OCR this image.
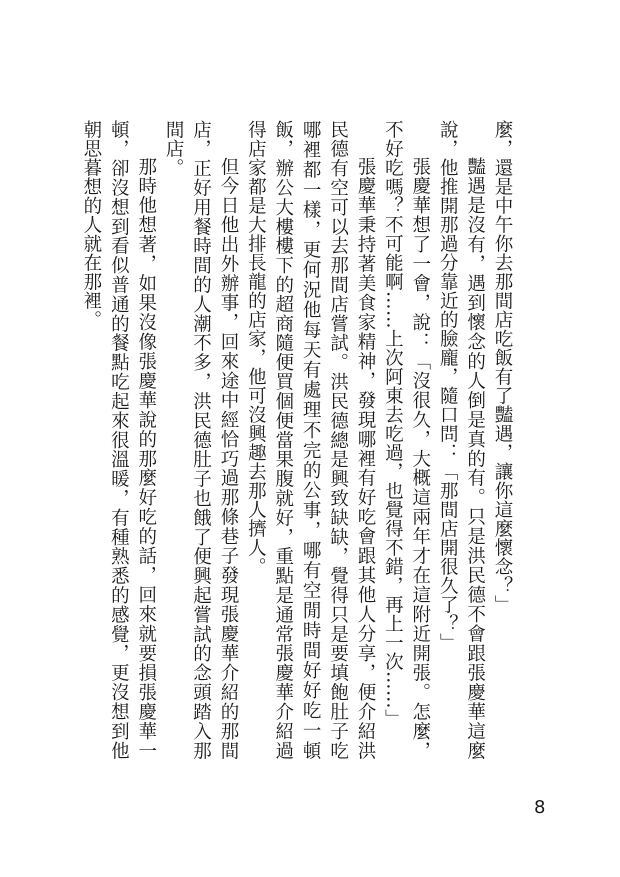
麼，還是中午你去那間店吃飯有了豔遇，讓你這麼懷念？」

豔遇是沒有，遇到懷念的人倒是真的有。只是洪民德不會跟張慶華這麼說，他推開那過分靠近的臉龐，隨口問：「那間店開很久了？」

張慶華想了一會，說：「沒很久，大概這兩年才在這附近開張。怎麼，不好吃嗎？不可能啊……上次阿東去吃過，也覺得不錯，再上一次……」

張慶華秉持著美食家精神，發現哪裡有好吃會跟其他人分享，便介紹洪民德有空可以去那間店嘗試。洪民德總是興致缺缺，覺得只是要填飽肚子吃哪裡都一樣，更何況他每天有處理不完的公事，哪有空閒時間好好吃一頓飯，辦公大樓樓下的超商隨便買個便當果腹就好，重點是通常張慶華介紹過得店家都是大排長龍的店家，他可沒興趣去那人擠人。

但今日他出外辦事，回來途中經恰巧過那條巷子發現張慶華介紹的那間店，正好用餐時間的人潮不多，洪民德肚子也餓了便興起嘗試的念頭踏入那間店。

那時他想著，如果沒像張慶華說的那麼好吃的話，回來就要損張慶華一頓，卻沒想到看似普通的餐點吃起來很溫暖，有種熟悉的感覺，更沒想到他朝思暮想的人就在那裡。

8
